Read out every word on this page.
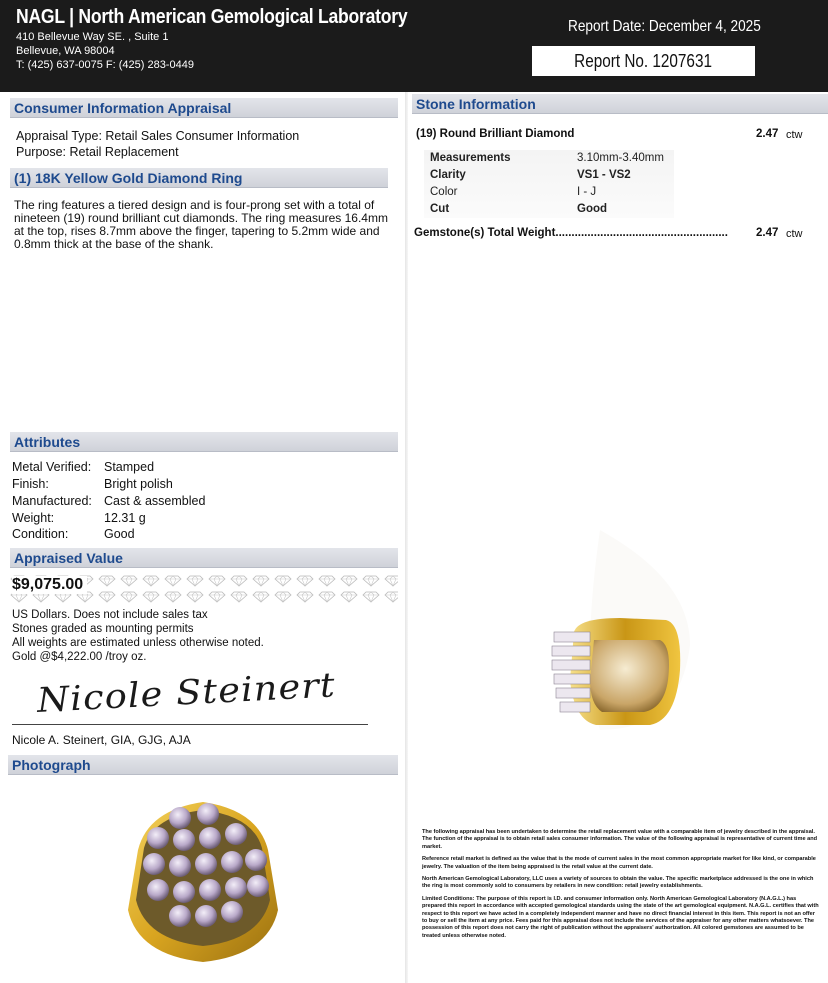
NAGL | North American Gemological Laboratory
410 Bellevue Way SE. , Suite 1
Bellevue, WA 98004
T: (425) 637-0075 F: (425) 283-0449
Report Date: December 4, 2025
Report No. 1207631
Consumer Information Appraisal
Appraisal Type: Retail Sales Consumer Information
Purpose: Retail Replacement
(1) 18K Yellow Gold Diamond Ring
The ring features a tiered design and is four-prong set with a total of nineteen (19) round brilliant cut diamonds. The ring measures 16.4mm at the top, rises 8.7mm above the finger, tapering to 5.2mm wide and 0.8mm thick at the base of the shank.
Attributes
Metal Verified: Stamped
Finish:	Bright polish
Manufactured: Cast & assembled
Weight:	12.31 g
Condition:	Good
Appraised Value
$9,075.00
US Dollars. Does not include sales tax
Stones graded as mounting permits
All weights are estimated unless otherwise noted.
Gold @$4,222.00 /troy oz.
Nicole Steinert
Nicole A. Steinert, GIA, GJG, AJA
Photograph
Stone Information
(19) Round Brilliant Diamond	2.47 ctw
Measurements	3.10mm-3.40mm
Clarity	VS1 - VS2
Color	I - J
Cut	Good
Gemstone(s) Total Weight...................................................... 2.47 ctw

The following appraisal has been undertaken to determine the retail replacement value with a comparable item of jewelry described in the appraisal. The function of the appraisal is to obtain retail sales consumer information. The value of the following appraisal is representative of current time and market.

Reference retail market is defined as the value that is the mode of current sales in the most common appropriate market for like kind, or comparable jewelry. The valuation of the item being appraised is the retail value at the current date.

North American Gemological Laboratory, LLC uses a variety of sources to obtain the value. The specific marketplace addressed is the one in which the ring is most commonly sold to consumers by retailers in new condition: retail jewelry establishments.

Limited Conditions: The purpose of this report is I.D. and consumer information only. North American Gemological Laboratory (N.A.G.L.) has prepared this report in accordance with accepted gemological standards using the state of the art gemological equipment. N.A.G.L. certifies that with respect to this report we have acted in a completely independent manner and have no direct financial interest in this item. This report is not an offer to buy or sell the item at any price. Fees paid for this appraisal does not include the services of the appraiser for any other matters whatsoever. The possession of this report does not carry the right of publication without the appraisers' authorization. All colored gemstones are assumed to be treated unless otherwise noted.
